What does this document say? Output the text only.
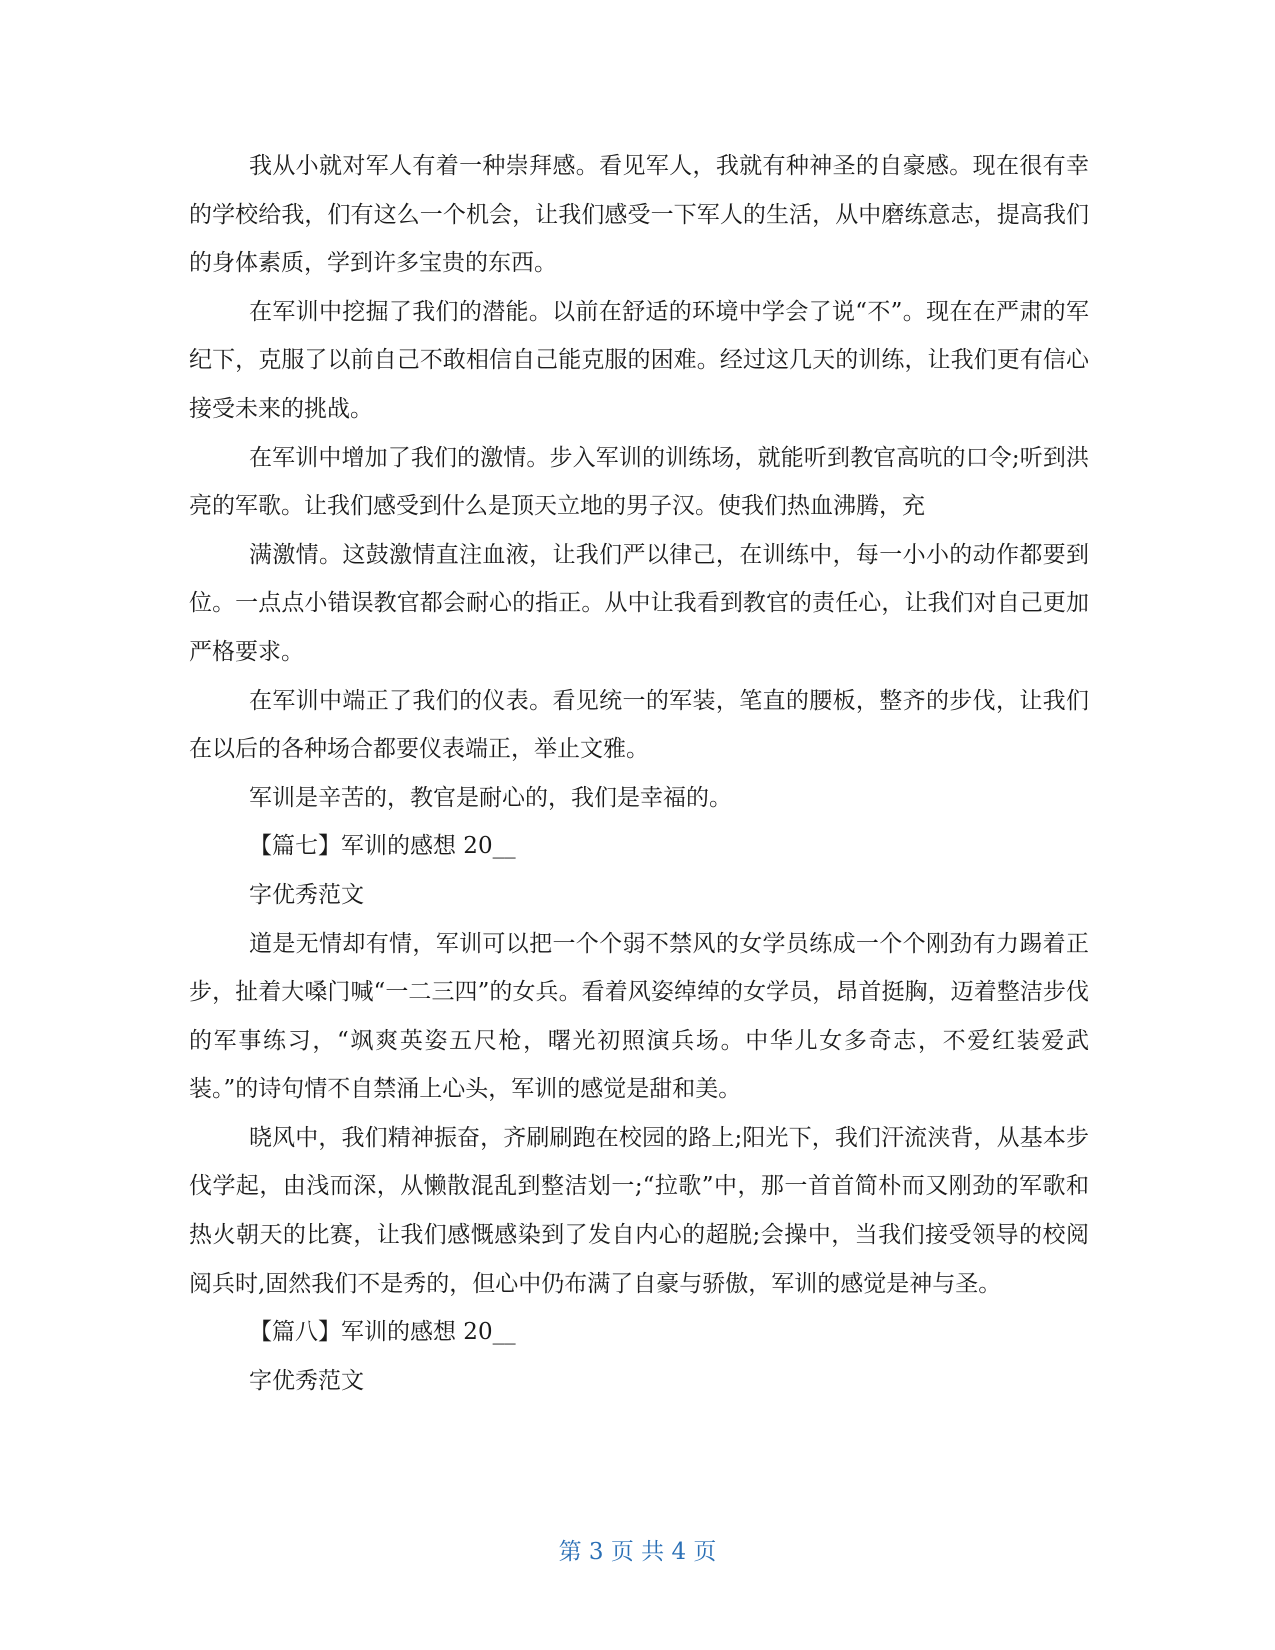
我从小就对军人有着一种崇拜感。看见军人，我就有种神圣的自豪感。现在很有幸的学校给我，们有这么一个机会，让我们感受一下军人的生活，从中磨练意志，提高我们的身体素质，学到许多宝贵的东西。

在军训中挖掘了我们的潜能。以前在舒适的环境中学会了说“不”。现在在严肃的军纪下，克服了以前自己不敢相信自己能克服的困难。经过这几天的训练，让我们更有信心接受未来的挑战。

在军训中增加了我们的激情。步入军训的训练场，就能听到教官高吭的口令;听到洪亮的军歌。让我们感受到什么是顶天立地的男子汉。使我们热血沸腾，充

满激情。这鼓激情直注血液，让我们严以律己，在训练中，每一小小的动作都要到位。一点点小错误教官都会耐心的指正。从中让我看到教官的责任心，让我们对自己更加严格要求。

在军训中端正了我们的仪表。看见统一的军装，笔直的腰板，整齐的步伐，让我们在以后的各种场合都要仪表端正，举止文雅。

军训是辛苦的，教官是耐心的，我们是幸福的。

【篇七】军训的感想 20__

字优秀范文

道是无情却有情，军训可以把一个个弱不禁风的女学员练成一个个刚劲有力踢着正步，扯着大嗓门喊“一二三四”的女兵。看着风姿绰绰的女学员，昂首挺胸，迈着整洁步伐的军事练习，“飒爽英姿五尺枪，曙光初照演兵场。中华儿女多奇志，不爱红装爱武装。”的诗句情不自禁涌上心头，军训的感觉是甜和美。

晓风中，我们精神振奋，齐刷刷跑在校园的路上;阳光下，我们汗流浃背，从基本步伐学起，由浅而深，从懒散混乱到整洁划一;“拉歌”中，那一首首简朴而又刚劲的军歌和热火朝天的比赛，让我们感慨感染到了发自内心的超脱;会操中，当我们接受领导的校阅阅兵时,固然我们不是秀的，但心中仍布满了自豪与骄傲，军训的感觉是神与圣。

【篇八】军训的感想 20__

字优秀范文

第 3 页 共 4 页
